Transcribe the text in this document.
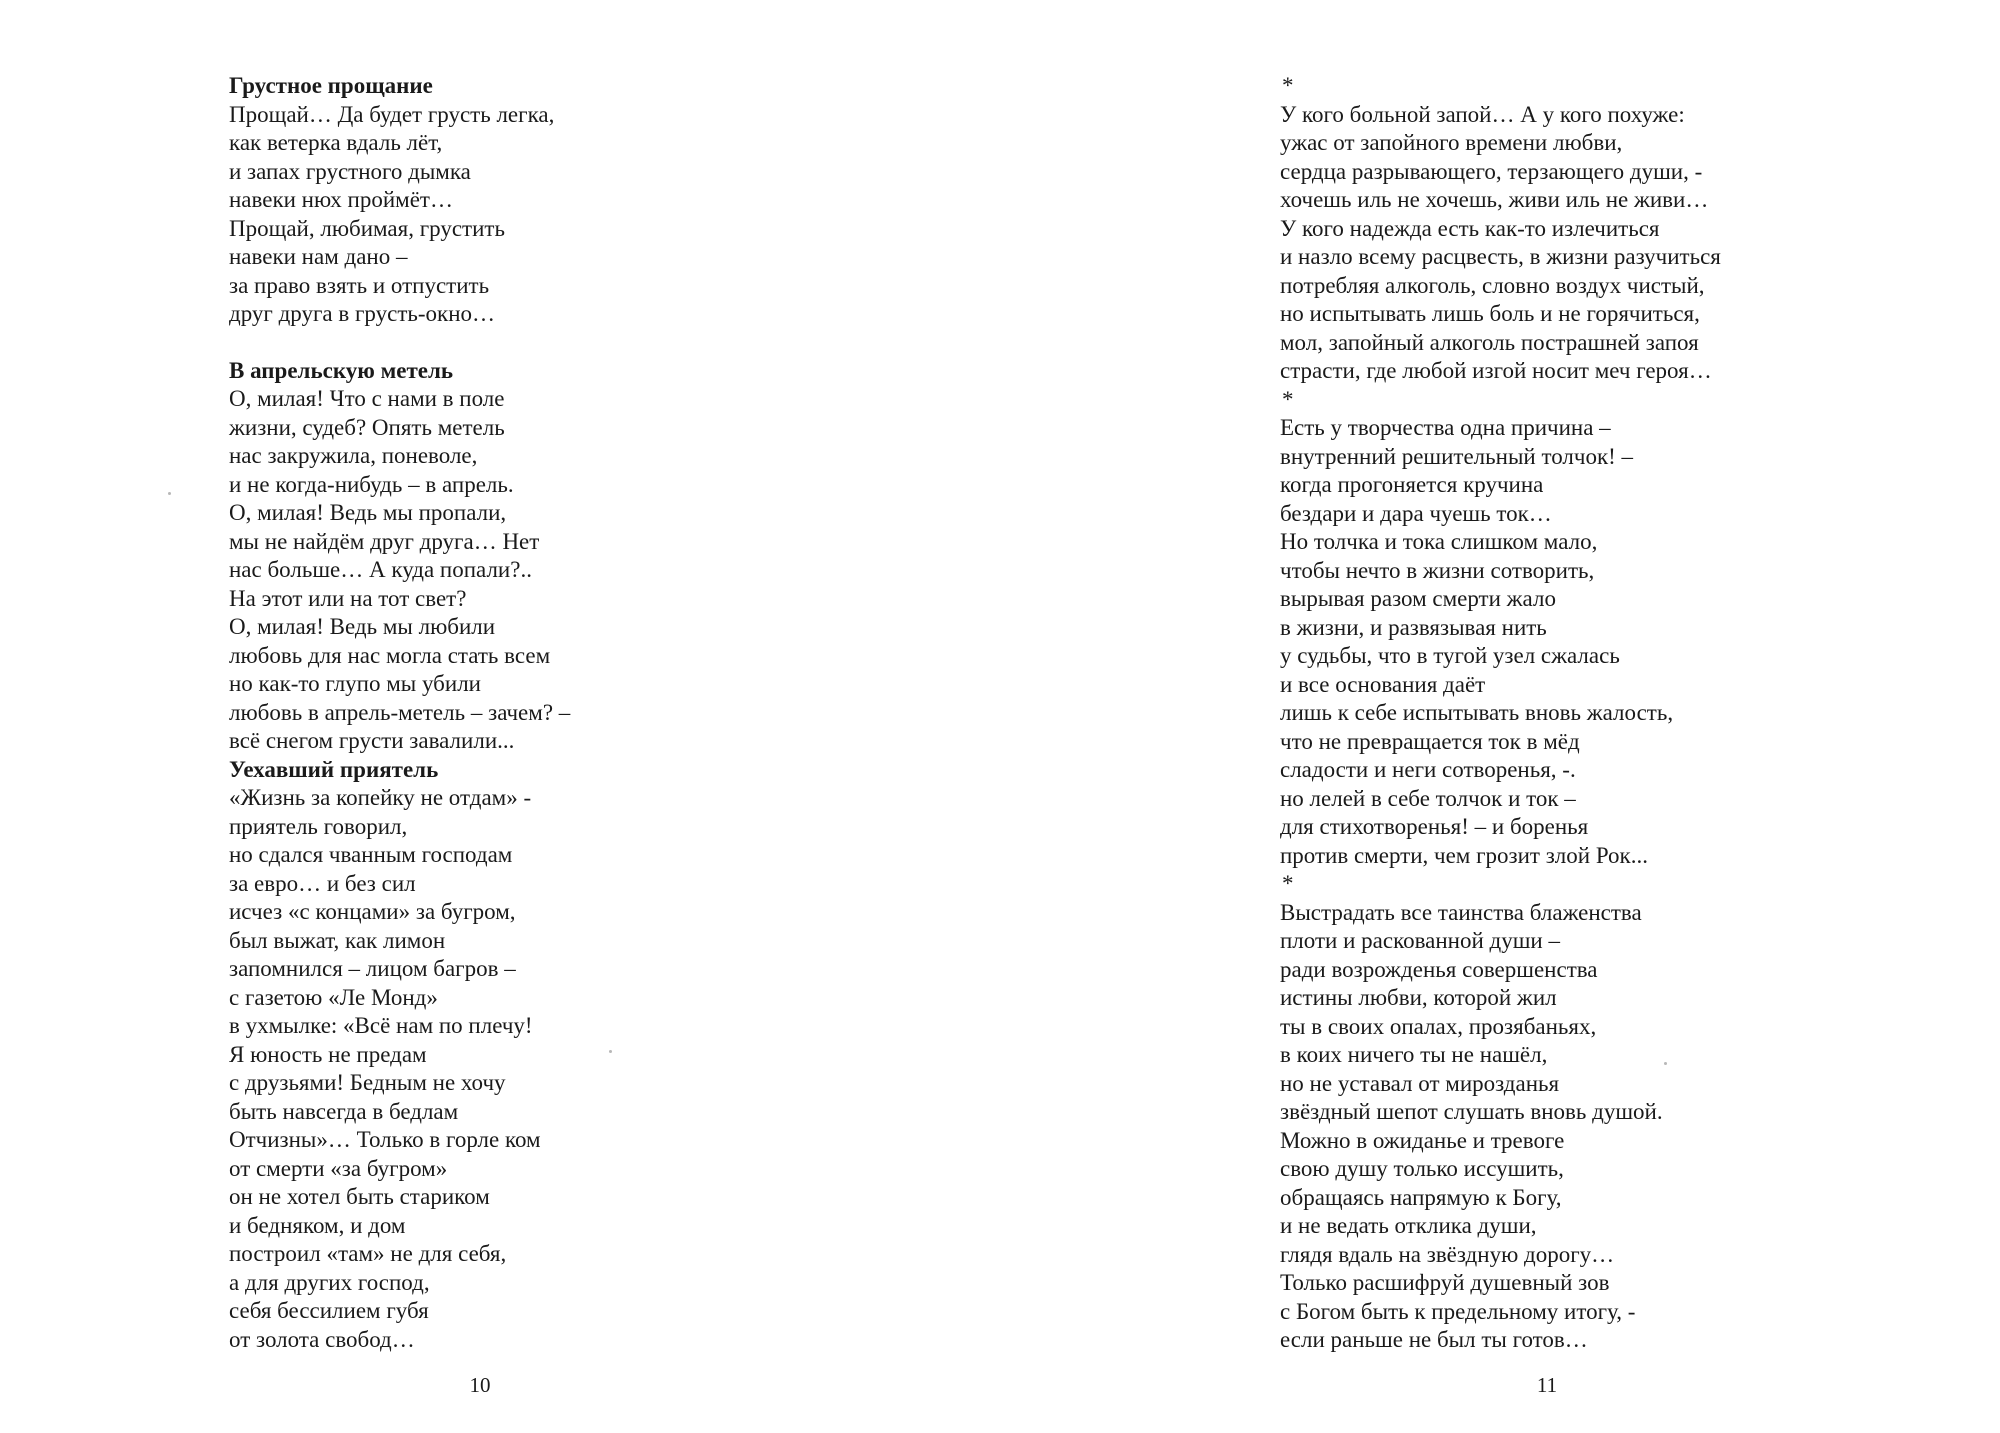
Грустное прощание
Прощай… Да будет грусть легка,
как ветерка вдаль лёт,
и запах грустного дымка
навеки нюх проймёт…
Прощай, любимая, грустить
навеки нам дано –
за право взять и отпустить
друг друга в грусть-окно…
В апрельскую метель
О, милая! Что с нами в поле
жизни, судеб? Опять метель
нас закружила, поневоле,
и не когда-нибудь – в апрель.
О, милая! Ведь мы пропали,
мы не найдём друг друга… Нет
нас больше… А куда попали?..
На этот или на тот свет?
О, милая! Ведь мы любили
любовь для нас могла стать всем
но как-то глупо мы убили
любовь в апрель-метель – зачем? –
всё снегом грусти завалили...
Уехавший приятель
«Жизнь за копейку не отдам» -
приятель говорил,
но сдался чванным господам
за евро… и без сил
исчез «с концами» за бугром,
был выжат, как лимон
запомнился – лицом багров –
с газетою «Ле Монд»
в ухмылке: «Всё нам по плечу!
Я юность не предам
с друзьями! Бедным не хочу
быть навсегда в бедлам
Отчизны»… Только в горле ком
от смерти «за бугром»
он не хотел быть стариком
и бедняком, и дом
построил «там» не для себя,
а для других господ,
себя бессилием губя
от золота свобод…
10
*
У кого больной запой… А у кого похуже:
ужас от запойного времени любви,
сердца разрывающего, терзающего души, -
хочешь иль не хочешь, живи иль не живи…
У кого надежда есть как-то излечиться
и назло всему расцвесть, в жизни разучиться
потребляя алкоголь, словно воздух чистый,
но испытывать лишь боль и не горячиться,
мол, запойный алкоголь пострашней запоя
страсти, где любой изгой носит меч героя…
*
Есть у творчества одна причина –
внутренний решительный толчок! –
когда прогоняется кручина
бездари и дара чуешь ток…
Но толчка и тока слишком мало,
чтобы нечто в жизни сотворить,
вырывая разом смерти жало
в жизни, и развязывая нить
у судьбы, что в тугой узел сжалась
и все основания даёт
лишь к себе испытывать вновь жалость,
что не превращается ток в мёд
сладости и неги сотворенья, -.
но лелей в себе толчок и ток –
для стихотворенья! – и боренья
против смерти, чем грозит злой Рок...
*
Выстрадать все таинства блаженства
плоти и раскованной души –
ради возрожденья совершенства
истины любви, которой жил
ты в своих опалах, прозябаньях,
в коих ничего ты не нашёл,
но не уставал от мирозданья
звёздный шепот слушать вновь душой.
Можно в ожиданье и тревоге
свою душу только иссушить,
обращаясь напрямую к Богу,
и не ведать отклика души,
глядя вдаль на звёздную дорогу…
Только расшифруй душевный зов
с Богом быть к предельному итогу, -
если раньше не был ты готов…
11
